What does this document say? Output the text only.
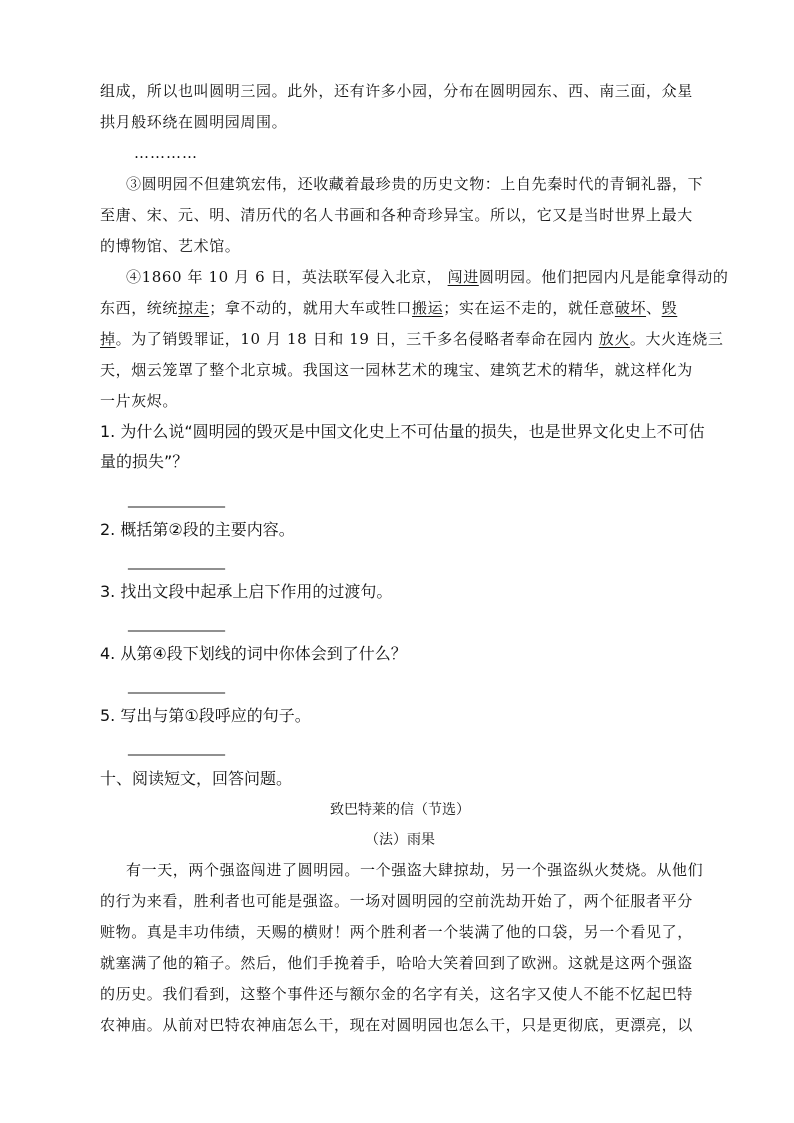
组成，所以也叫圆明三园。此外，还有许多小园，分布在圆明园东、西、南三面，众星
拱月般环绕在圆明园周围。
…………
③圆明园不但建筑宏伟，还收藏着最珍贵的历史文物：上自先秦时代的青铜礼器，下
至唐、宋、元、明、清历代的名人书画和各种奇珍异宝。所以，它又是当时世界上最大
的博物馆、艺术馆。
④1860 年 10 月 6 日，英法联军侵入北京， 闯进圆明园。他们把园内凡是能拿得动的
东西，统统掠走；拿不动的，就用大车或牲口搬运；实在运不走的，就任意破坏、毁
掉。为了销毁罪证，10 月 18 日和 19 日，三千多名侵略者奉命在园内 放火。大火连烧三
天，烟云笼罩了整个北京城。我国这一园林艺术的瑰宝、建筑艺术的精华，就这样化为
一片灰烬。
1. 为什么说“圆明园的毁灭是中国文化史上不可估量的损失，也是世界文化史上不可估
量的损失”？
________________
2. 概括第②段的主要内容。
________________
3. 找出文段中起承上启下作用的过渡句。
________________
4. 从第④段下划线的词中你体会到了什么？
________________
5. 写出与第①段呼应的句子。
________________
十、阅读短文，回答问题。
致巴特莱的信（节选）
（法）雨果
有一天，两个强盗闯进了圆明园。一个强盗大肆掠劫，另一个强盗纵火焚烧。从他们
的行为来看，胜利者也可能是强盗。一场对圆明园的空前洗劫开始了，两个征服者平分
赃物。真是丰功伟绩，天赐的横财！两个胜利者一个装满了他的口袋，另一个看见了，
就塞满了他的箱子。然后，他们手挽着手，哈哈大笑着回到了欧洲。这就是这两个强盗
的历史。我们看到，这整个事件还与额尔金的名字有关，这名字又使人不能不忆起巴特
农神庙。从前对巴特农神庙怎么干，现在对圆明园也怎么干，只是更彻底，更漂亮，以
